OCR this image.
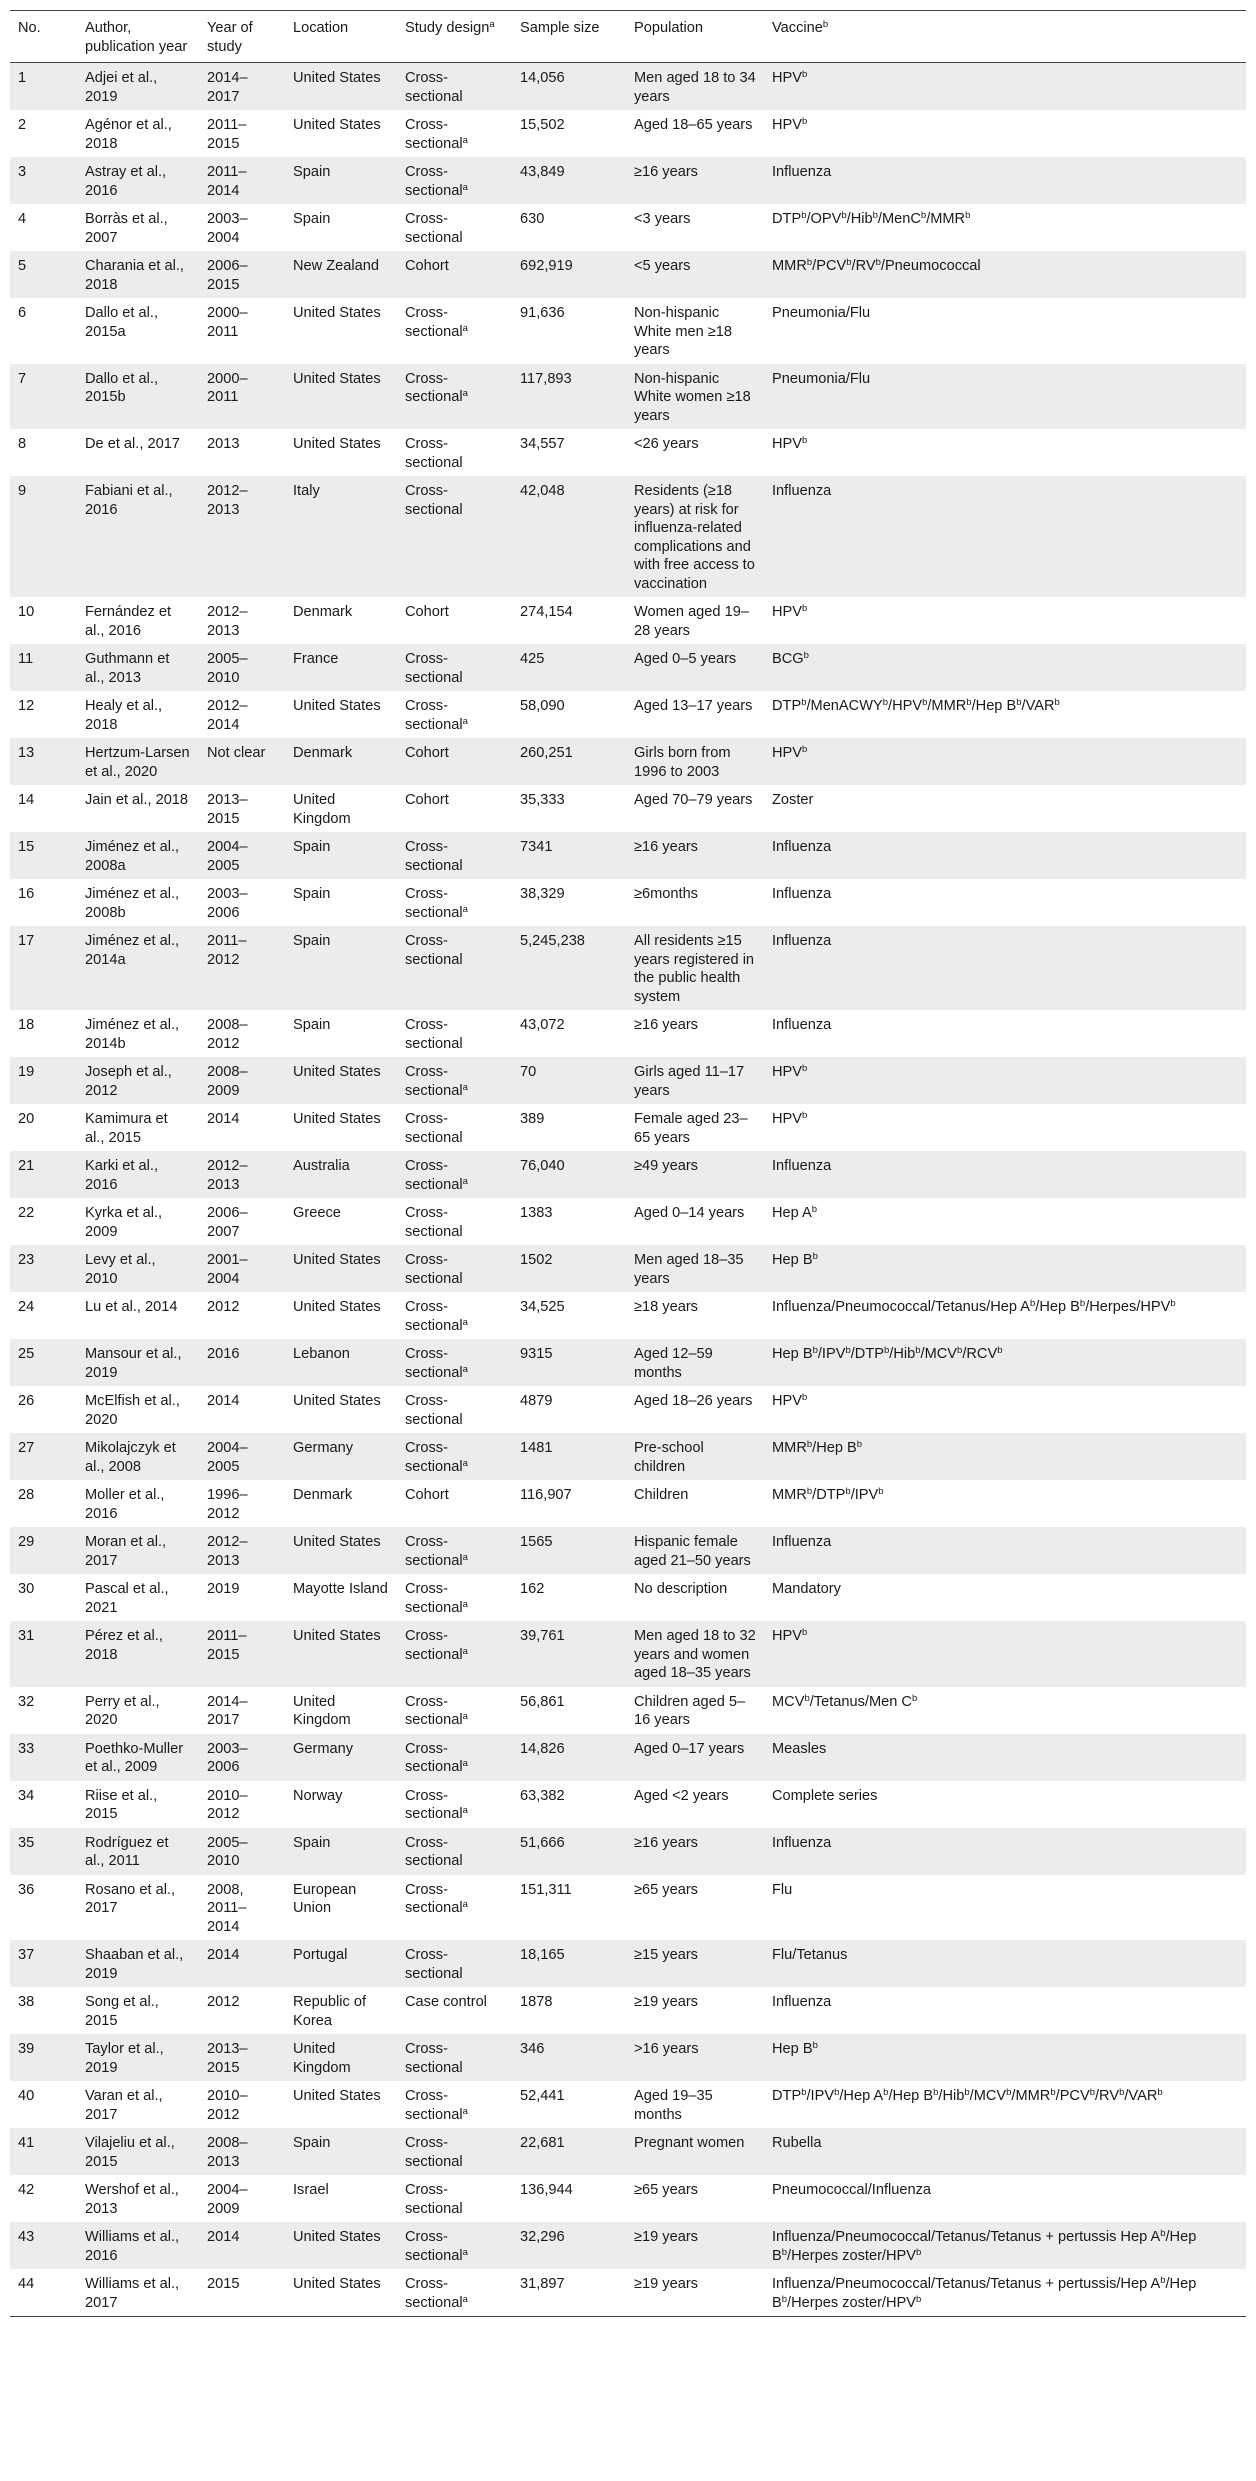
No.	Author, publication year	Year of study	Location	Study design$^a$	Sample size	Population	Vaccine$^b$
1	Adjei et al., 2019	2014–2017	United States	Cross-sectional	14,056	Men aged 18 to 34 years	HPV$^b$
2	Agénor et al., 2018	2011–2015	United States	Cross-sectional$^a$	15,502	Aged 18–65 years	HPV$^b$
3	Astray et al., 2016	2011–2014	Spain	Cross-sectional$^a$	43,849	≥16 years	Influenza
4	Borràs et al., 2007	2003–2004	Spain	Cross-sectional	630	<3 years	DTP$^b$/OPV$^b$/Hib$^b$/MenC$^b$/MMR$^b$
5	Charania et al., 2018	2006–2015	New Zealand	Cohort	692,919	<5 years	$MMR^b/PCV^b/RV^b$/Pneumococcal
6	Dallo et al., 2015a	2000–2011	United States	Cross-sectional$^a$	91,636	Non-hispanic White men ≥18 years	Pneumonia/Flu
7	Dallo et al., 2015b	2000–2011	United States	Cross-sectional$^a$	117,893	Non-hispanic White women ≥18 years	Pneumonia/Flu
8	De et al., 2017	2013	United States	Cross-sectional	34,557	<26 years	HPV$^b$
9	Fabiani et al., 2016	2012–2013	Italy	Cross-sectional	42,048	Residents (≥18 years) at risk for influenza-related complications and with free access to vaccination	Influenza
10	Fernández et al., 2016	2012–2013	Denmark	Cohort	274,154	Women aged 19–28 years	HPV$^b$
11	Guthmann et al., 2013	2005–2010	France	Cross-sectional	425	Aged 0–5 years	BCG$^b$
12	Healy et al., 2018	2012–2014	United States	Cross-sectional$^a$	58,090	Aged 13–17 years	DTP$^b$/MenACWY$^b$/HPV$^b$/MMR$^b$/Hep $B^b/VAR^b$
13	Hertzum-Larsen et al., 2020	Not clear	Denmark	Cohort	260,251	Girls born from 1996 to 2003	HPV$^b$
14	Jain et al., 2018	2013–2015	United Kingdom	Cohort	35,333	Aged 70–79 years	Zoster
15	Jiménez et al., 2008a	2004–2005	Spain	Cross-sectional	7341	≥16 years	Influenza
16	Jiménez et al., 2008b	2003–2006	Spain	Cross-sectional$^a$	38,329	≥6months	Influenza
17	Jiménez et al., 2014a	2011–2012	Spain	Cross-sectional	5,245,238	All residents ≥15 years registered in the public health system	Influenza
18	Jiménez et al., 2014b	2008–2012	Spain	Cross-sectional	43,072	≥16 years	Influenza
19	Joseph et al., 2012	2008–2009	United States	Cross-sectional$^a$	70	Girls aged 11–17 years	HPV$^b$
20	Kamimura et al., 2015	2014	United States	Cross-sectional	389	Female aged 23–65 years	HPV$^b$
21	Karki et al., 2016	2012–2013	Australia	Cross-sectional$^a$	76,040	≥49 years	Influenza
22	Kyrka et al., 2009	2006–2007	Greece	Cross-sectional	1383	Aged 0–14 years	Hep $A^b$
23	Levy et al., 2010	2001–2004	United States	Cross-sectional	1502	Men aged 18–35 years	Hep $B^b$
24	Lu et al., 2014	2012	United States	Cross-sectional$^a$	34,525	≥18 years	Influenza/Pneumococcal/Tetanus/Hep $A^b$/Hep $B^b/Herpes/HPV^b$
25	Mansour et al., 2019	2016	Lebanon	Cross-sectional$^a$	9315	Aged 12–59 months	Hep $B^b/IPV^b/DTP^b/Hib^b/MCV^b/RCV^b$
26	McElfish et al., 2020	2014	United States	Cross-sectional	4879	Aged 18–26 years	HPV$^b$
27	Mikolajczyk et al., 2008	2004–2005	Germany	Cross-sectional$^a$	1481	Pre-school children	MMR$^b$/Hep $B^b$
28	Moller et al., 2016	1996–2012	Denmark	Cohort	116,907	Children	MMR$^b$/DTP$^b$/IPV$^b$
29	Moran et al., 2017	2012–2013	United States	Cross-sectional$^a$	1565	Hispanic female aged 21–50 years	Influenza
30	Pascal et al., 2021	2019	Mayotte Island	Cross-sectional$^a$	162	No description	Mandatory
31	Pérez et al., 2018	2011–2015	United States	Cross-sectional$^a$	39,761	Men aged 18 to 32 years and women aged 18–35 years	HPV$^b$
32	Perry et al., 2020	2014–2017	United Kingdom	Cross-sectional$^a$	56,861	Children aged 5–16 years	MCV$^b$/Tetanus/Men $C^b$
33	Poethko-Muller et al., 2009	2003–2006	Germany	Cross-sectional$^a$	14,826	Aged 0–17 years	Measles
34	Riise et al., 2015	2010–2012	Norway	Cross-sectional$^a$	63,382	Aged <2 years	Complete series
35	Rodríguez et al., 2011	2005–2010	Spain	Cross-sectional	51,666	≥16 years	Influenza
36	Rosano et al., 2017	2008, 2011–2014	European Union	Cross-sectional$^a$	151,311	≥65 years	Flu
37	Shaaban et al., 2019	2014	Portugal	Cross-sectional	18,165	≥15 years	Flu/Tetanus
38	Song et al., 2015	2012	Republic of Korea	Case control	1878	≥19 years	Influenza
39	Taylor et al., 2019	2013–2015	United Kingdom	Cross-sectional	346	>16 years	Hep $B^b$
40	Varan et al., 2017	2010–2012	United States	Cross-sectional$^a$	52,441	Aged 19–35 months	DTP$^b$/IPV$^b$/Hep $A^b$/Hep $B^b/Hib^b/MCV^b/MMR^b/PCV^b/RV^b/VAR^b$
41	Vilajeliu et al., 2015	2008–2013	Spain	Cross-sectional	22,681	Pregnant women	Rubella
42	Wershof et al., 2013	2004–2009	Israel	Cross-sectional	136,944	≥65 years	Pneumococcal/Influenza
43	Williams et al., 2016	2014	United States	Cross-sectional$^a$	32,296	≥19 years	Influenza/Pneumococcal/Tetanus/Tetanus + pertussis Hep $A^b$/Hep $B^b$/Herpes zoster/HPV$^b$
44	Williams et al., 2017	2015	United States	Cross-sectional$^a$	31,897	≥19 years	Influenza/Pneumococcal/Tetanus/Tetanus + pertussis/Hep $A^b$/Hep $B^b$/Herpes zoster/HPV$^b$
